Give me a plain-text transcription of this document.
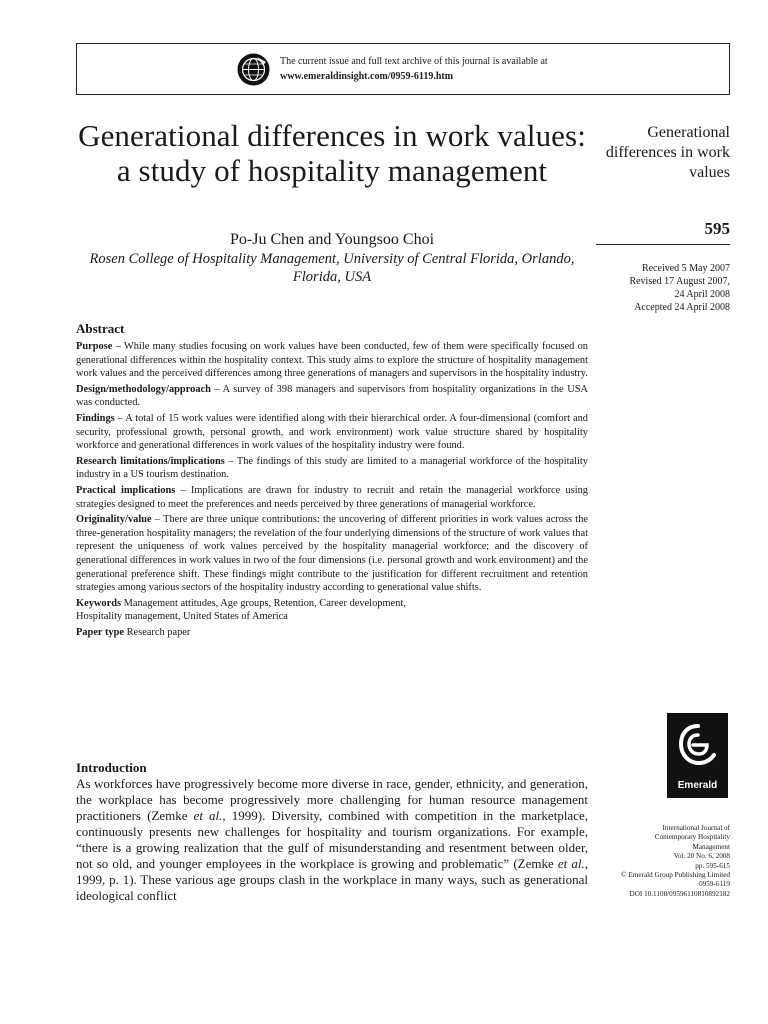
The current issue and full text archive of this journal is available at
www.emeraldinsight.com/0959-6119.htm
Generational differences in work values: a study of hospitality management
Po-Ju Chen and Youngsoo Choi
Rosen College of Hospitality Management, University of Central Florida, Orlando, Florida, USA
Generational differences in work values
595
Received 5 May 2007
Revised 17 August 2007,
24 April 2008
Accepted 24 April 2008
Abstract

Purpose – While many studies focusing on work values have been conducted, few of them were specifically focused on generational differences within the hospitality context. This study aims to explore the structure of hospitality management work values and the perceived differences among three generations of managers and supervisors in the hospitality industry.

Design/methodology/approach – A survey of 398 managers and supervisors from hospitality organizations in the USA was conducted.

Findings – A total of 15 work values were identified along with their hierarchical order. A four-dimensional (comfort and security, professional growth, personal growth, and work environment) work value structure shared by hospitality workforce and generational differences in work values of the hospitality industry were found.

Research limitations/implications – The findings of this study are limited to a managerial workforce of the hospitality industry in a US tourism destination.

Practical implications – Implications are drawn for industry to recruit and retain the managerial workforce using strategies designed to meet the preferences and needs perceived by three generations of managerial workforce.

Originality/value – There are three unique contributions: the uncovering of different priorities in work values across the three-generation hospitality managers; the revelation of the four underlying dimensions of the structure of work values that represent the uniqueness of work values perceived by the hospitality managerial workforce; and the discovery of generational differences in work values in two of the four dimensions (i.e. personal growth and work environment) and the generational preference shift. These findings might contribute to the justification for different recruitment and retention strategies among various sectors of the hospitality industry according to generational value shifts.

Keywords Management attitudes, Age groups, Retention, Career development,
Hospitality management, United States of America

Paper type Research paper

Introduction

As workforces have progressively become more diverse in race, gender, ethnicity, and generation, the workplace has become progressively more challenging for human resource management practitioners (Zemke et al., 1999). Diversity, combined with competition in the marketplace, continuously presents new challenges for hospitality and tourism organizations. For example, “there is a growing realization that the gulf of misunderstanding and resentment between older, not so old, and younger employees in the workplace is growing and problematic” (Zemke et al., 1999, p. 1). These various age groups clash in the workplace in many ways, such as generational ideological conflict

Emerald
International Journal of
Contemporary Hospitality
Management
Vol. 20 No. 6, 2008
pp. 595-615
© Emerald Group Publishing Limited
0959-6119
DOI 10.1108/09596110810892182
